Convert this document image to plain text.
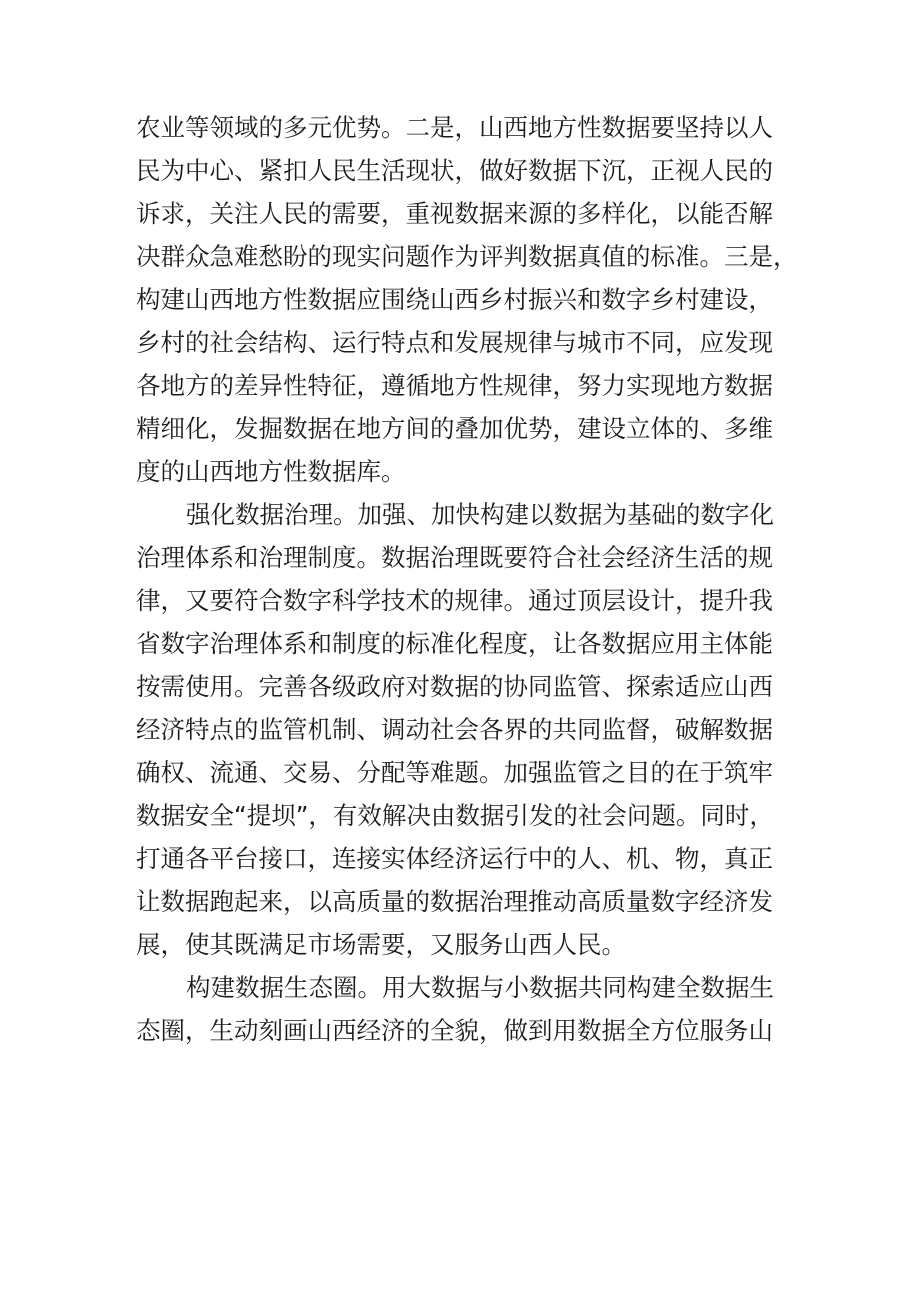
农业等领域的多元优势。二是，山西地方性数据要坚持以人
民为中心、紧扣人民生活现状，做好数据下沉，正视人民的
诉求，关注人民的需要，重视数据来源的多样化，以能否解
决群众急难愁盼的现实问题作为评判数据真值的标准。三是，
构建山西地方性数据应围绕山西乡村振兴和数字乡村建设，
乡村的社会结构、运行特点和发展规律与城市不同，应发现
各地方的差异性特征，遵循地方性规律，努力实现地方数据
精细化，发掘数据在地方间的叠加优势，建设立体的、多维
度的山西地方性数据库。
强化数据治理。加强、加快构建以数据为基础的数字化
治理体系和治理制度。数据治理既要符合社会经济生活的规
律，又要符合数字科学技术的规律。通过顶层设计，提升我
省数字治理体系和制度的标准化程度，让各数据应用主体能
按需使用。完善各级政府对数据的协同监管、探索适应山西
经济特点的监管机制、调动社会各界的共同监督，破解数据
确权、流通、交易、分配等难题。加强监管之目的在于筑牢
数据安全“提坝”，有效解决由数据引发的社会问题。同时，
打通各平台接口，连接实体经济运行中的人、机、物，真正
让数据跑起来，以高质量的数据治理推动高质量数字经济发
展，使其既满足市场需要，又服务山西人民。
构建数据生态圈。用大数据与小数据共同构建全数据生
态圈，生动刻画山西经济的全貌，做到用数据全方位服务山
